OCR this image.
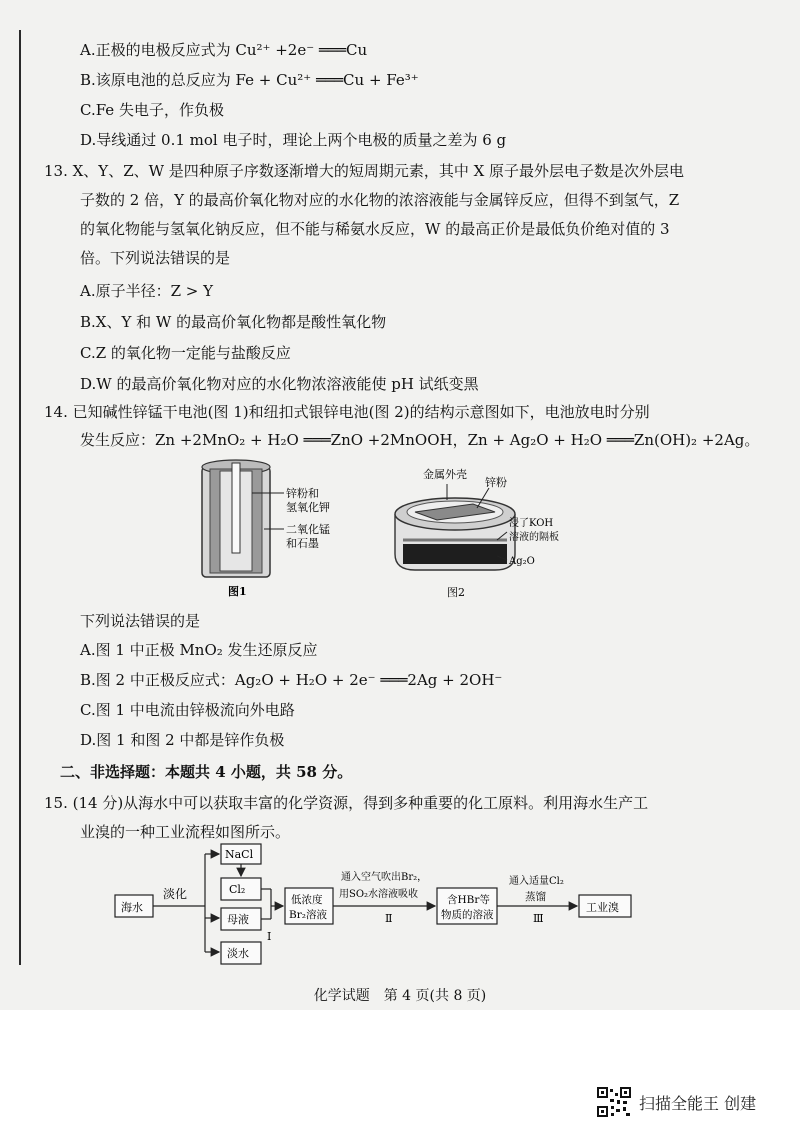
A.正极的电极反应式为 Cu²⁺ +2e⁻ ═══Cu
B.该原电池的总反应为 Fe + Cu²⁺ ═══Cu + Fe³⁺
C.Fe 失电子，作负极
D.导线通过 0.1 mol 电子时，理论上两个电极的质量之差为 6 g
13. X、Y、Z、W 是四种原子序数逐渐增大的短周期元素，其中 X 原子最外层电子数是次外层电
子数的 2 倍，Y 的最高价氧化物对应的水化物的浓溶液能与金属锌反应，但得不到氢气，Z
的氧化物能与氢氧化钠反应，但不能与稀氨水反应，W 的最高正价是最低负价绝对值的 3
倍。下列说法错误的是
A.原子半径：Z > Y
B.X、Y 和 W 的最高价氧化物都是酸性氧化物
C.Z 的氧化物一定能与盐酸反应
D.W 的最高价氧化物对应的水化物浓溶液能使 pH 试纸变黑
14. 已知碱性锌锰干电池(图 1)和纽扣式银锌电池(图 2)的结构示意图如下，电池放电时分别
发生反应：Zn +2MnO₂ + H₂O ═══ZnO +2MnOOH，Zn + Ag₂O + H₂O ═══Zn(OH)₂ +2Ag。
锌粉和
氢氧化钾
二氧化锰
和石墨
图1
金属外壳
锌粉
浸了KOH
溶液的隔板
Ag₂O
图2
下列说法错误的是
A.图 1 中正极 MnO₂ 发生还原反应
B.图 2 中正极反应式：Ag₂O + H₂O + 2e⁻ ═══2Ag + 2OH⁻
C.图 1 中电流由锌极流向外电路
D.图 1 和图 2 中都是锌作负极
二、非选择题：本题共 4 小题，共 58 分。
15. (14 分)从海水中可以获取丰富的化学资源，得到多种重要的化工原料。利用海水生产工
业溴的一种工业流程如图所示。
海水
淡化
NaCl
Cl₂
母液
淡水
Ⅰ
低浓度
Br₂溶液
通入空气吹出Br₂，
用SO₂水溶液吸收
Ⅱ
含HBr等
物质的溶液
通入适量Cl₂
蒸馏
Ⅲ
工业溴
化学试题　第 4 页(共 8 页)
扫描全能王 创建
